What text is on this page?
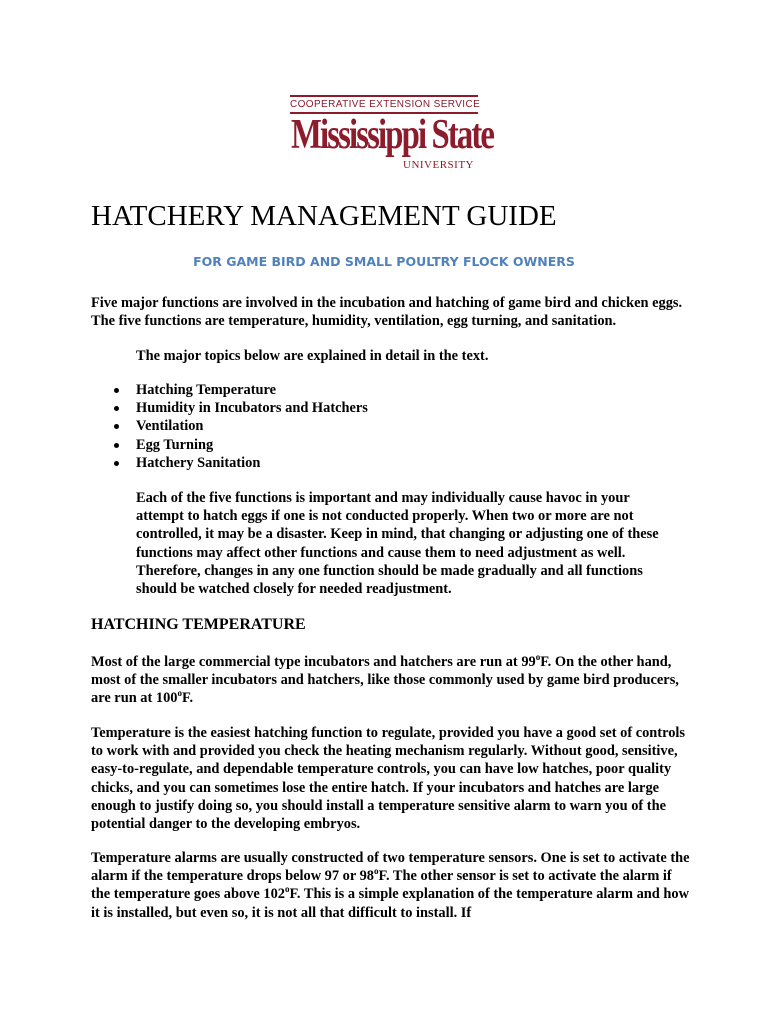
COOPERATIVE EXTENSION SERVICE
Mississippi State
UNIVERSITY
HATCHERY MANAGEMENT GUIDE
FOR GAME BIRD AND SMALL POULTRY FLOCK OWNERS

Five major functions are involved in the incubation and hatching of game bird and chicken eggs. The five functions are temperature, humidity, ventilation, egg turning, and sanitation.

The major topics below are explained in detail in the text.

Hatching Temperature
Humidity in Incubators and Hatchers
Ventilation
Egg Turning
Hatchery Sanitation

Each of the five functions is important and may individually cause havoc in your attempt to hatch eggs if one is not conducted properly. When two or more are not controlled, it may be a disaster. Keep in mind, that changing or adjusting one of these functions may affect other functions and cause them to need adjustment as well. Therefore, changes in any one function should be made gradually and all functions should be watched closely for needed readjustment.

HATCHING TEMPERATURE

Most of the large commercial type incubators and hatchers are run at 99$^o$F. On the other hand, most of the smaller incubators and hatchers, like those commonly used by game bird producers, are run at 100$^o$F.

Temperature is the easiest hatching function to regulate, provided you have a good set of controls to work with and provided you check the heating mechanism regularly. Without good, sensitive, easy-to-regulate, and dependable temperature controls, you can have low hatches, poor quality chicks, and you can sometimes lose the entire hatch. If your incubators and hatches are large enough to justify doing so, you should install a temperature sensitive alarm to warn you of the potential danger to the developing embryos.

Temperature alarms are usually constructed of two temperature sensors. One is set to activate the alarm if the temperature drops below 97 or 98$^o$F. The other sensor is set to activate the alarm if the temperature goes above 102$^o$F. This is a simple explanation of the temperature alarm and how it is installed, but even so, it is not all that difficult to install. If
